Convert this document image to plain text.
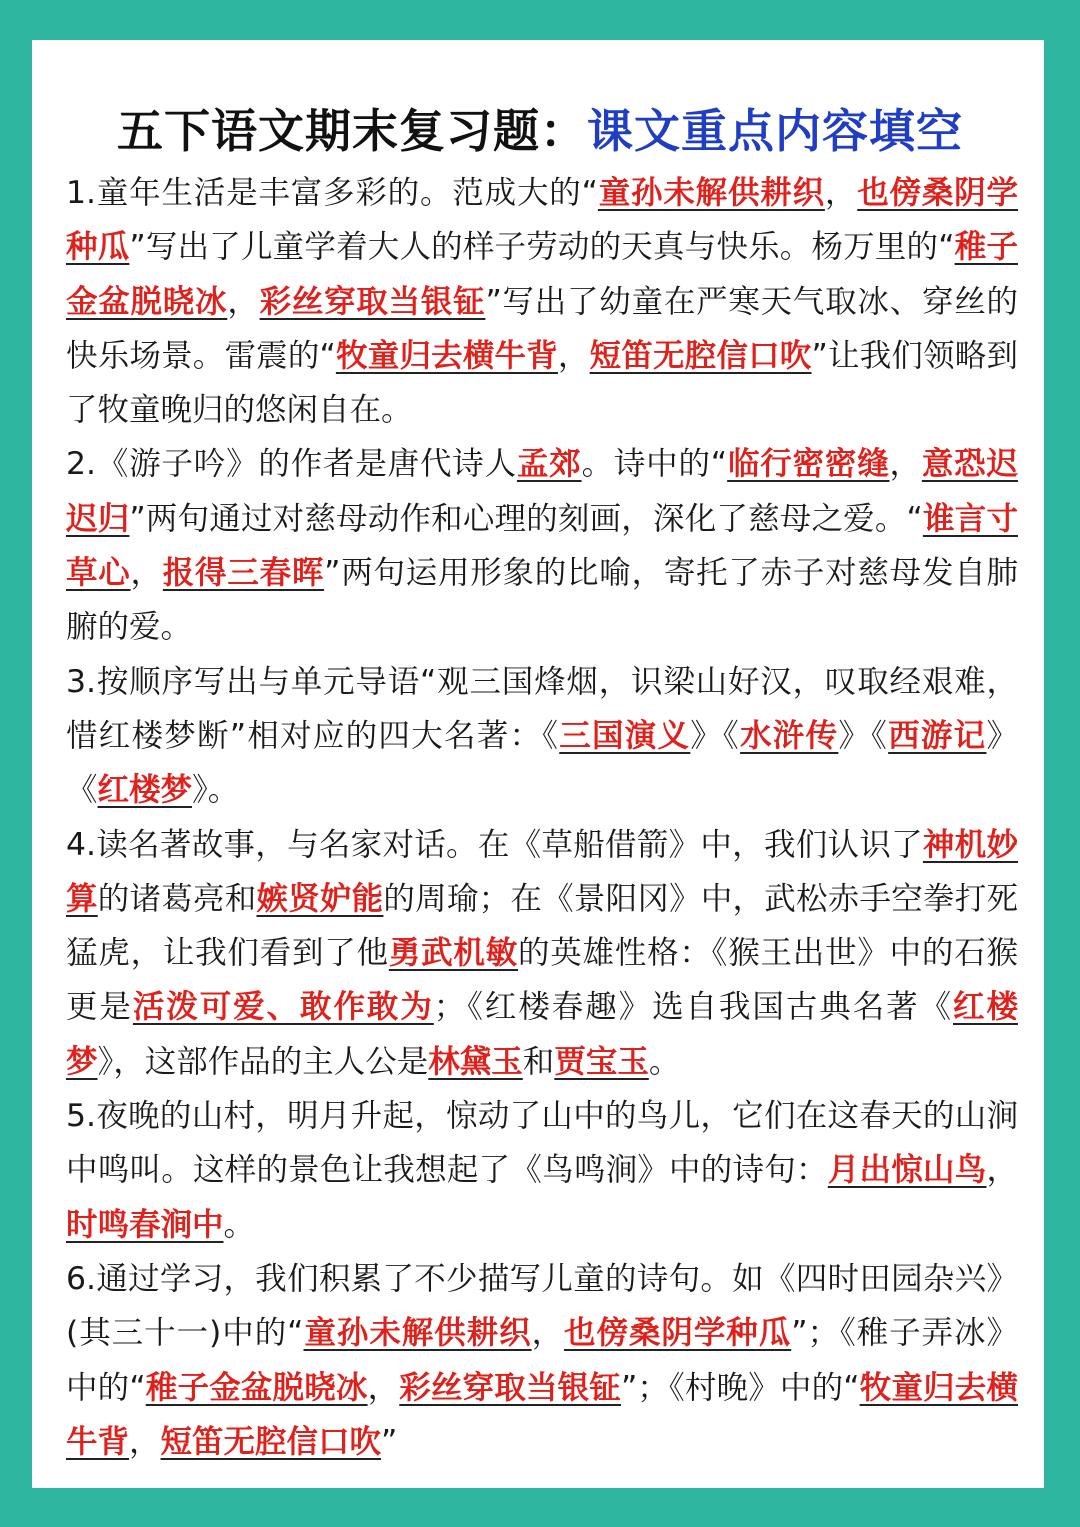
五下语文期末复习题：课文重点内容填空

1.童年生活是丰富多彩的。范成大的“童孙未解供耕织，也傍桑阴学种瓜”写出了儿童学着大人的样子劳动的天真与快乐。杨万里的“稚子金盆脱晓冰，彩丝穿取当银钲”写出了幼童在严寒天气取冰、穿丝的快乐场景。雷震的“牧童归去横牛背，短笛无腔信口吹”让我们领略到了牧童晚归的悠闲自在。

2.《游子吟》的作者是唐代诗人孟郊。诗中的“临行密密缝，意恐迟迟归”两句通过对慈母动作和心理的刻画，深化了慈母之爱。“谁言寸草心，报得三春晖”两句运用形象的比喻，寄托了赤子对慈母发自肺腑的爱。

3.按顺序写出与单元导语“观三国烽烟，识梁山好汉，叹取经艰难，惜红楼梦断”相对应的四大名著：《三国演义》《水浒传》《西游记》《红楼梦》。

4.读名著故事，与名家对话。在《草船借箭》中，我们认识了神机妙算的诸葛亮和嫉贤妒能的周瑜；在《景阳冈》中，武松赤手空拳打死猛虎，让我们看到了他勇武机敏的英雄性格：《猴王出世》中的石猴更是活泼可爱、敢作敢为；《红楼春趣》选自我国古典名著《红楼梦》，这部作品的主人公是林黛玉和贾宝玉。

5.夜晚的山村，明月升起，惊动了山中的鸟儿，它们在这春天的山涧中鸣叫。这样的景色让我想起了《鸟鸣涧》中的诗句：月出惊山鸟，时鸣春涧中。

6.通过学习，我们积累了不少描写儿童的诗句。如《四时田园杂兴》(其三十一)中的“童孙未解供耕织，也傍桑阴学种瓜”；《稚子弄冰》中的“稚子金盆脱晓冰，彩丝穿取当银钲”；《村晚》中的“牧童归去横牛背，短笛无腔信口吹”
